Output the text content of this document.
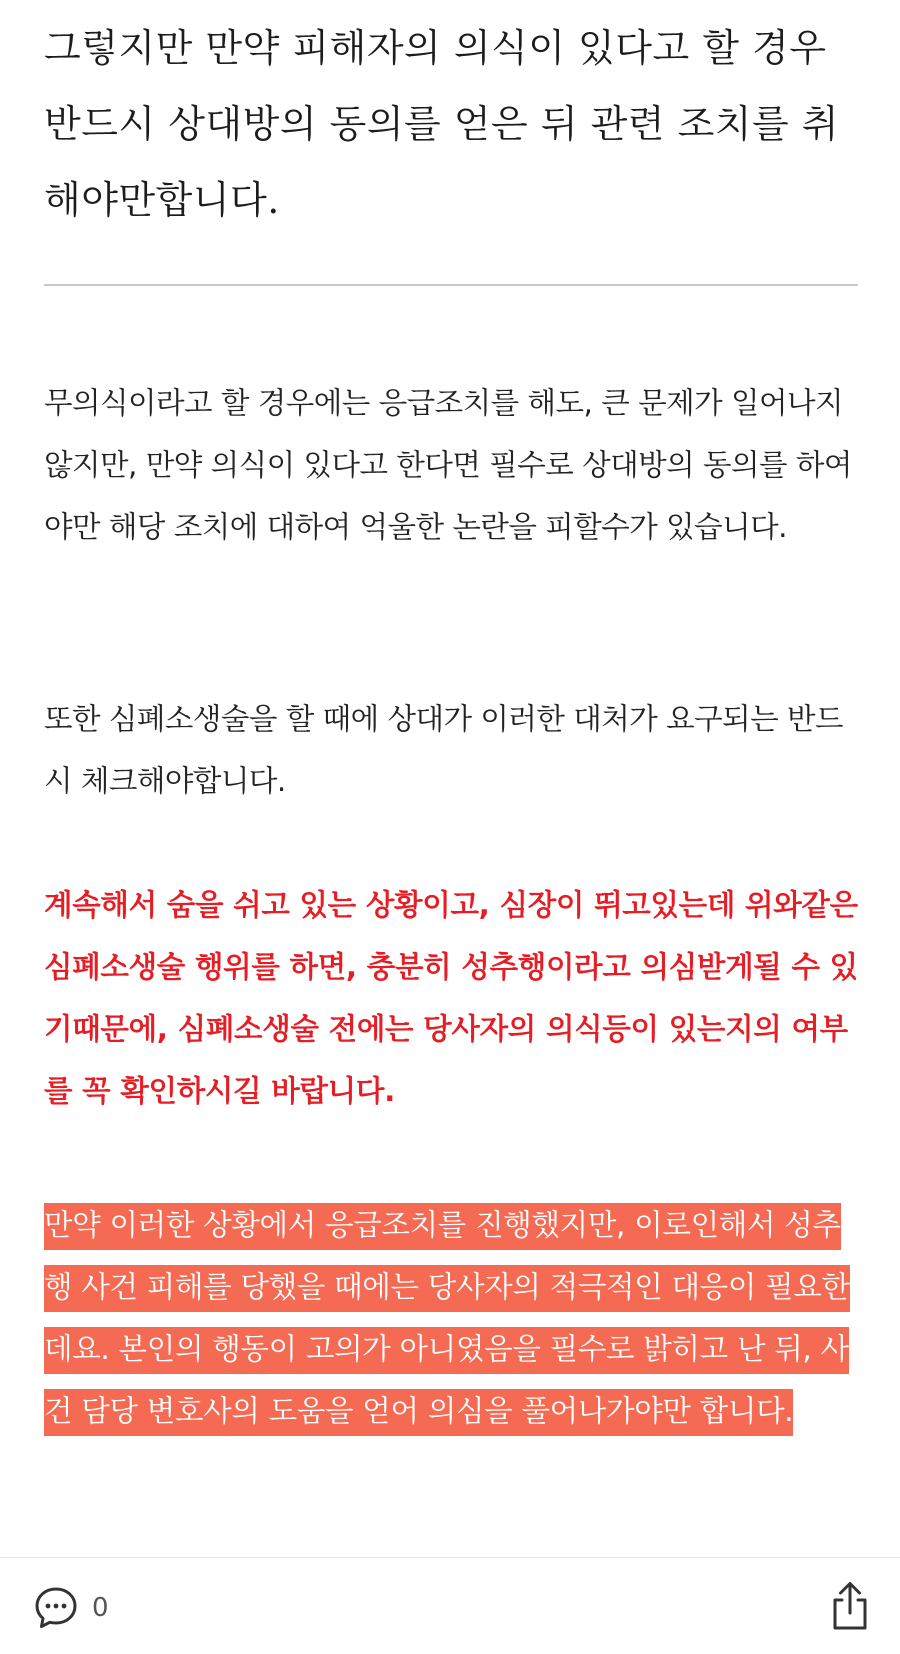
그렇지만 만약 피해자의 의식이 있다고 할 경우 반드시 상대방의 동의를 얻은 뒤 관련 조치를 취해야만합니다.
무의식이라고 할 경우에는 응급조치를 해도, 큰 문제가 일어나지 않지만, 만약 의식이 있다고 한다면 필수로 상대방의 동의를 하여야만 해당 조치에 대하여 억울한 논란을 피할수가 있습니다.
또한 심폐소생술을 할 때에 상대가 이러한 대처가 요구되는 반드시 체크해야합니다.
계속해서 숨을 쉬고 있는 상황이고, 심장이 뛰고있는데 위와같은 심폐소생술 행위를 하면, 충분히 성추행이라고 의심받게될 수 있기때문에, 심폐소생술 전에는 당사자의 의식등이 있는지의 여부를 꼭 확인하시길 바랍니다.
만약 이러한 상황에서 응급조치를 진행했지만, 이로인해서 성추행 사건 피해를 당했을 때에는 당사자의 적극적인 대응이 필요한데요. 본인의 행동이 고의가 아니였음을 필수로 밝히고 난 뒤, 사건 담당 변호사의 도움을 얻어 의심을 풀어나가야만 합니다.
0
